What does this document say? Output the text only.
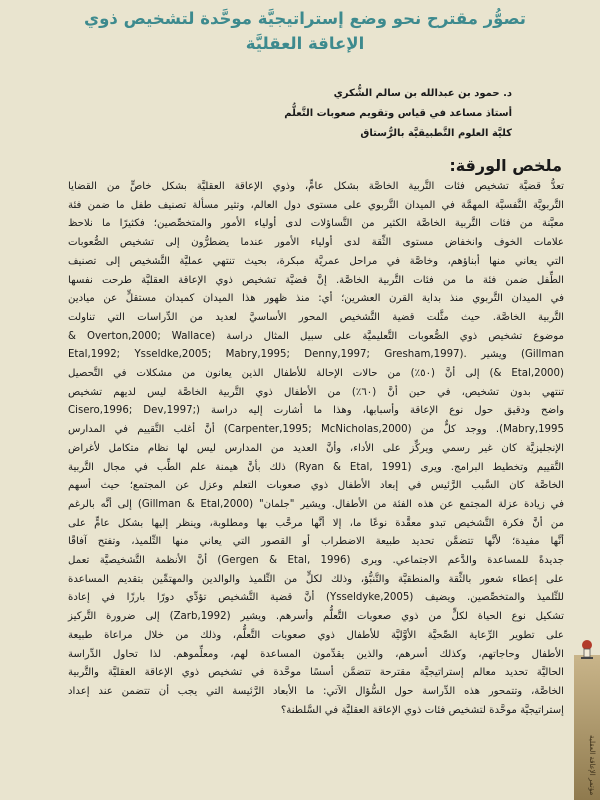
تصوُّر مقترح نحو وضع إستراتيجيَّة موحَّدة لتشخيص ذوي
الإعاقة العقليَّة
د. حمود بن عبدالله بن سالم الشُّكري
أستاذ مساعد في قياس وتقويم صعوبات التَّعلُّم
كليَّة العلوم التَّطبيقيَّة بالرُّستاق
ملخص الورقة:

تعدُّ قضيَّة تشخيص فئات التَّربية الخاصَّة بشكل عامٍّ، وذوي الإعاقة العقليَّة بشكل خاصٍّ من القضايا

التَّربويَّة النَّفسيَّة المهمَّة في الميدان التَّربوي على مستوى دول العالم، وتثير مسألة تصنيف طفل ما ضمن فئة

معيَّنة من فئات التَّربية الخاصَّة الكثير من التَّساؤلات لدى أولياء الأمور والمتخصِّصين؛ فكثيرًا ما نلاحظ

علامات الخوف وانخفاض مستوى الثِّقة لدى أولياء الأمور عندما يضطرُّون إلى تشخيص الصُّعوبات

التي يعاني منها أبناؤهم، وخاصَّة في مراحل عمريَّة مبكرة، بحيث تنتهي عمليَّة التَّشخيص إلى تصنيف

الطِّفل ضمن فئة ما من فئات التَّربية الخاصَّة. إنَّ قضيَّة تشخيص ذوي الإعاقة العقليَّة طرحت نفسها

في الميدان التَّربوي منذ بداية القرن العشرين؛ أي: منذ ظهور هذا الميدان كميدان مستقلٍّ عن ميادين

التَّربية الخاصَّة. حيث مثَّلت قضية التَّشخيص المحور الأساسيَّ لعديد من الدِّراسات التي تناولت

موضوع تشخيص ذوي الصُّعوبات التَّعليميَّة على سبيل المثال دراسة (Overton,2000; Wallace &

Gillman) ويشير .(Etal,1992; Ysseldke,2005; Mabry,1995; Denny,1997; Gresham,1997

(Etal,2000 &) إلى أنَّ (٥٠٪) من حالات الإحالة للأطفال الذين يعانون من مشكلات في التَّحصيل

تنتهي بدون تشخيص، في حين أنَّ (٦٠٪) من الأطفال ذوي التَّربية الخاصَّة ليس لديهم تشخيص

واضح ودقيق حول نوع الإعاقة وأسبابها، وهذا ما أشارت إليه دراسة (;Cisero,1996; Dev,1997

Mabry,1995). ووجد كلٌّ من (Carpenter,1995; McNicholas,2000) أنَّ أغلب التَّقييم في المدارس

الإنجليزيَّة كان غير رسمي ويركِّز على الأداء، وأنَّ العديد من المدارس ليس لها نظام متكامل لأغراض

التَّقييم وتخطيط البرامج. ويرى (Ryan & Etal, 1991) ذلك بأنَّ هيمنة علم الطِّب في مجال التَّربية

الخاصَّة كان السَّبب الرَّئيس في إبعاد الأطفال ذوي صعوبات التعلم وعزل عن المجتمع؛ حيث أسهم

في زيادة عزلة المجتمع عن هذه الفئة من الأطفال. ويشير "جلمان" (Gillman & Etal,2000) إلى أنَّه بالرغم

من أنَّ فكرة التَّشخيص تبدو معقَّدة نوعًا ما، إلا أنَّها مرحَّب بها ومطلوبة، وينظر إليها بشكل عامٍّ على

أنَّها مفيدة؛ لأنَّها تتضمَّن تحديد طبيعة الاضطراب أو القصور التي يعاني منها التِّلميذ، وتفتح آفاقًا

جديدةً للمساعدة والدَّعم الاجتماعي. ويرى (Gergen & Etal, 1996) أنَّ الأنظمة التَّشخيصيَّة تعمل

على إعطاء شعور بالثِّقة والمنطقيَّة والتَّنبُّؤ، وذلك لكلٍّ من التِّلميذ والوالدين والمهتمِّين بتقديم المساعدة

للتِّلميذ والمتخصِّصين. ويضيف (Ysseldyke,2005) أنَّ قضية التَّشخيص تؤدِّي دورًا بارزًا في إعادة

تشكيل نوع الحياة لكلٍّ من ذوي صعوبات التَّعلُّم وأسرهم. ويشير (Zarb,1992) إلى ضرورة التَّركيز

على تطوير الرِّعاية الصِّحيَّة الأوَّليَّة للأطفال ذوي صعوبات التَّعلُّم، وذلك من خلال مراعاة طبيعة

الأطفال وحاجاتهم، وكذلك أسرهم، والذين يقدِّمون المساعدة لهم، ومعلِّموهم. لذا تحاول الدِّراسة

الحاليَّة تحديد معالم إستراتيجيَّة مقترحة تتضمَّن أسسًا موحَّدة في تشخيص ذوي الإعاقة العقليَّة والتَّربية

الخاصَّة، وتتمحور هذه الدِّراسة حول السُّؤال الآتي: ما الأبعاد الرَّئيسة التي يجب أن تتضمن عند إعداد

إستراتيجيَّة موحَّدة لتشخيص فئات ذوي الإعاقة العقليَّة في السَّلطنة؟

مؤتمر الإعاقة العقلية
